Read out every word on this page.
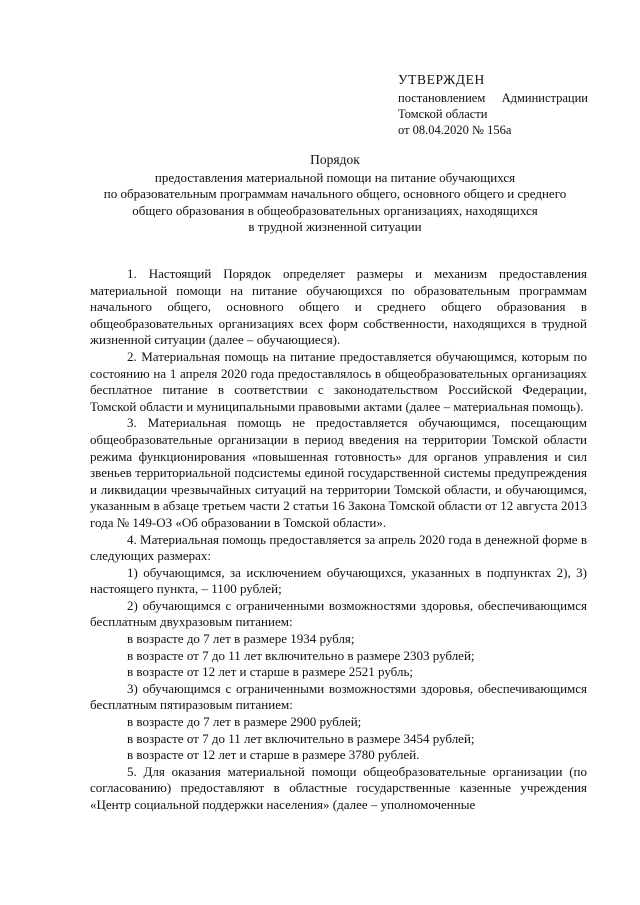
УТВЕРЖДЕН
постановлением Администрации
Томской области
от 08.04.2020 № 156а
Порядок
предоставления материальной помощи на питание обучающихся
по образовательным программам начального общего, основного общего и среднего
общего образования в общеобразовательных организациях, находящихся
в трудной жизненной ситуации

1. Настоящий Порядок определяет размеры и механизм предоставления материальной помощи на питание обучающихся по образовательным программам начального общего, основного общего и среднего общего образования в общеобразовательных организациях всех форм собственности, находящихся в трудной жизненной ситуации (далее – обучающиеся).

2. Материальная помощь на питание предоставляется обучающимся, которым по состоянию на 1 апреля 2020 года предоставлялось в общеобразовательных организациях бесплатное питание в соответствии с законодательством Российской Федерации, Томской области и муниципальными правовыми актами (далее – материальная помощь).

3. Материальная помощь не предоставляется обучающимся, посещающим общеобразовательные организации в период введения на территории Томской области режима функционирования «повышенная готовность» для органов управления и сил звеньев территориальной подсистемы единой государственной системы предупреждения и ликвидации чрезвычайных ситуаций на территории Томской области, и обучающимся, указанным в абзаце третьем части 2 статьи 16 Закона Томской области от 12 августа 2013 года № 149-ОЗ «Об образовании в Томской области».

4. Материальная помощь предоставляется за апрель 2020 года в денежной форме в следующих размерах:

1) обучающимся, за исключением обучающихся, указанных в подпунктах 2), 3) настоящего пункта, – 1100 рублей;

2) обучающимся с ограниченными возможностями здоровья, обеспечивающимся бесплатным двухразовым питанием:

в возрасте до 7 лет в размере 1934 рубля;

в возрасте от 7 до 11 лет включительно в размере 2303 рублей;

в возрасте от 12 лет и старше в размере 2521 рубль;

3) обучающимся с ограниченными возможностями здоровья, обеспечивающимся бесплатным пятиразовым питанием:

в возрасте до 7 лет в размере 2900 рублей;

в возрасте от 7 до 11 лет включительно в размере 3454 рублей;

в возрасте от 12 лет и старше в размере 3780 рублей.

5. Для оказания материальной помощи общеобразовательные организации (по согласованию) предоставляют в областные государственные казенные учреждения «Центр социальной поддержки населения» (далее – уполномоченные
